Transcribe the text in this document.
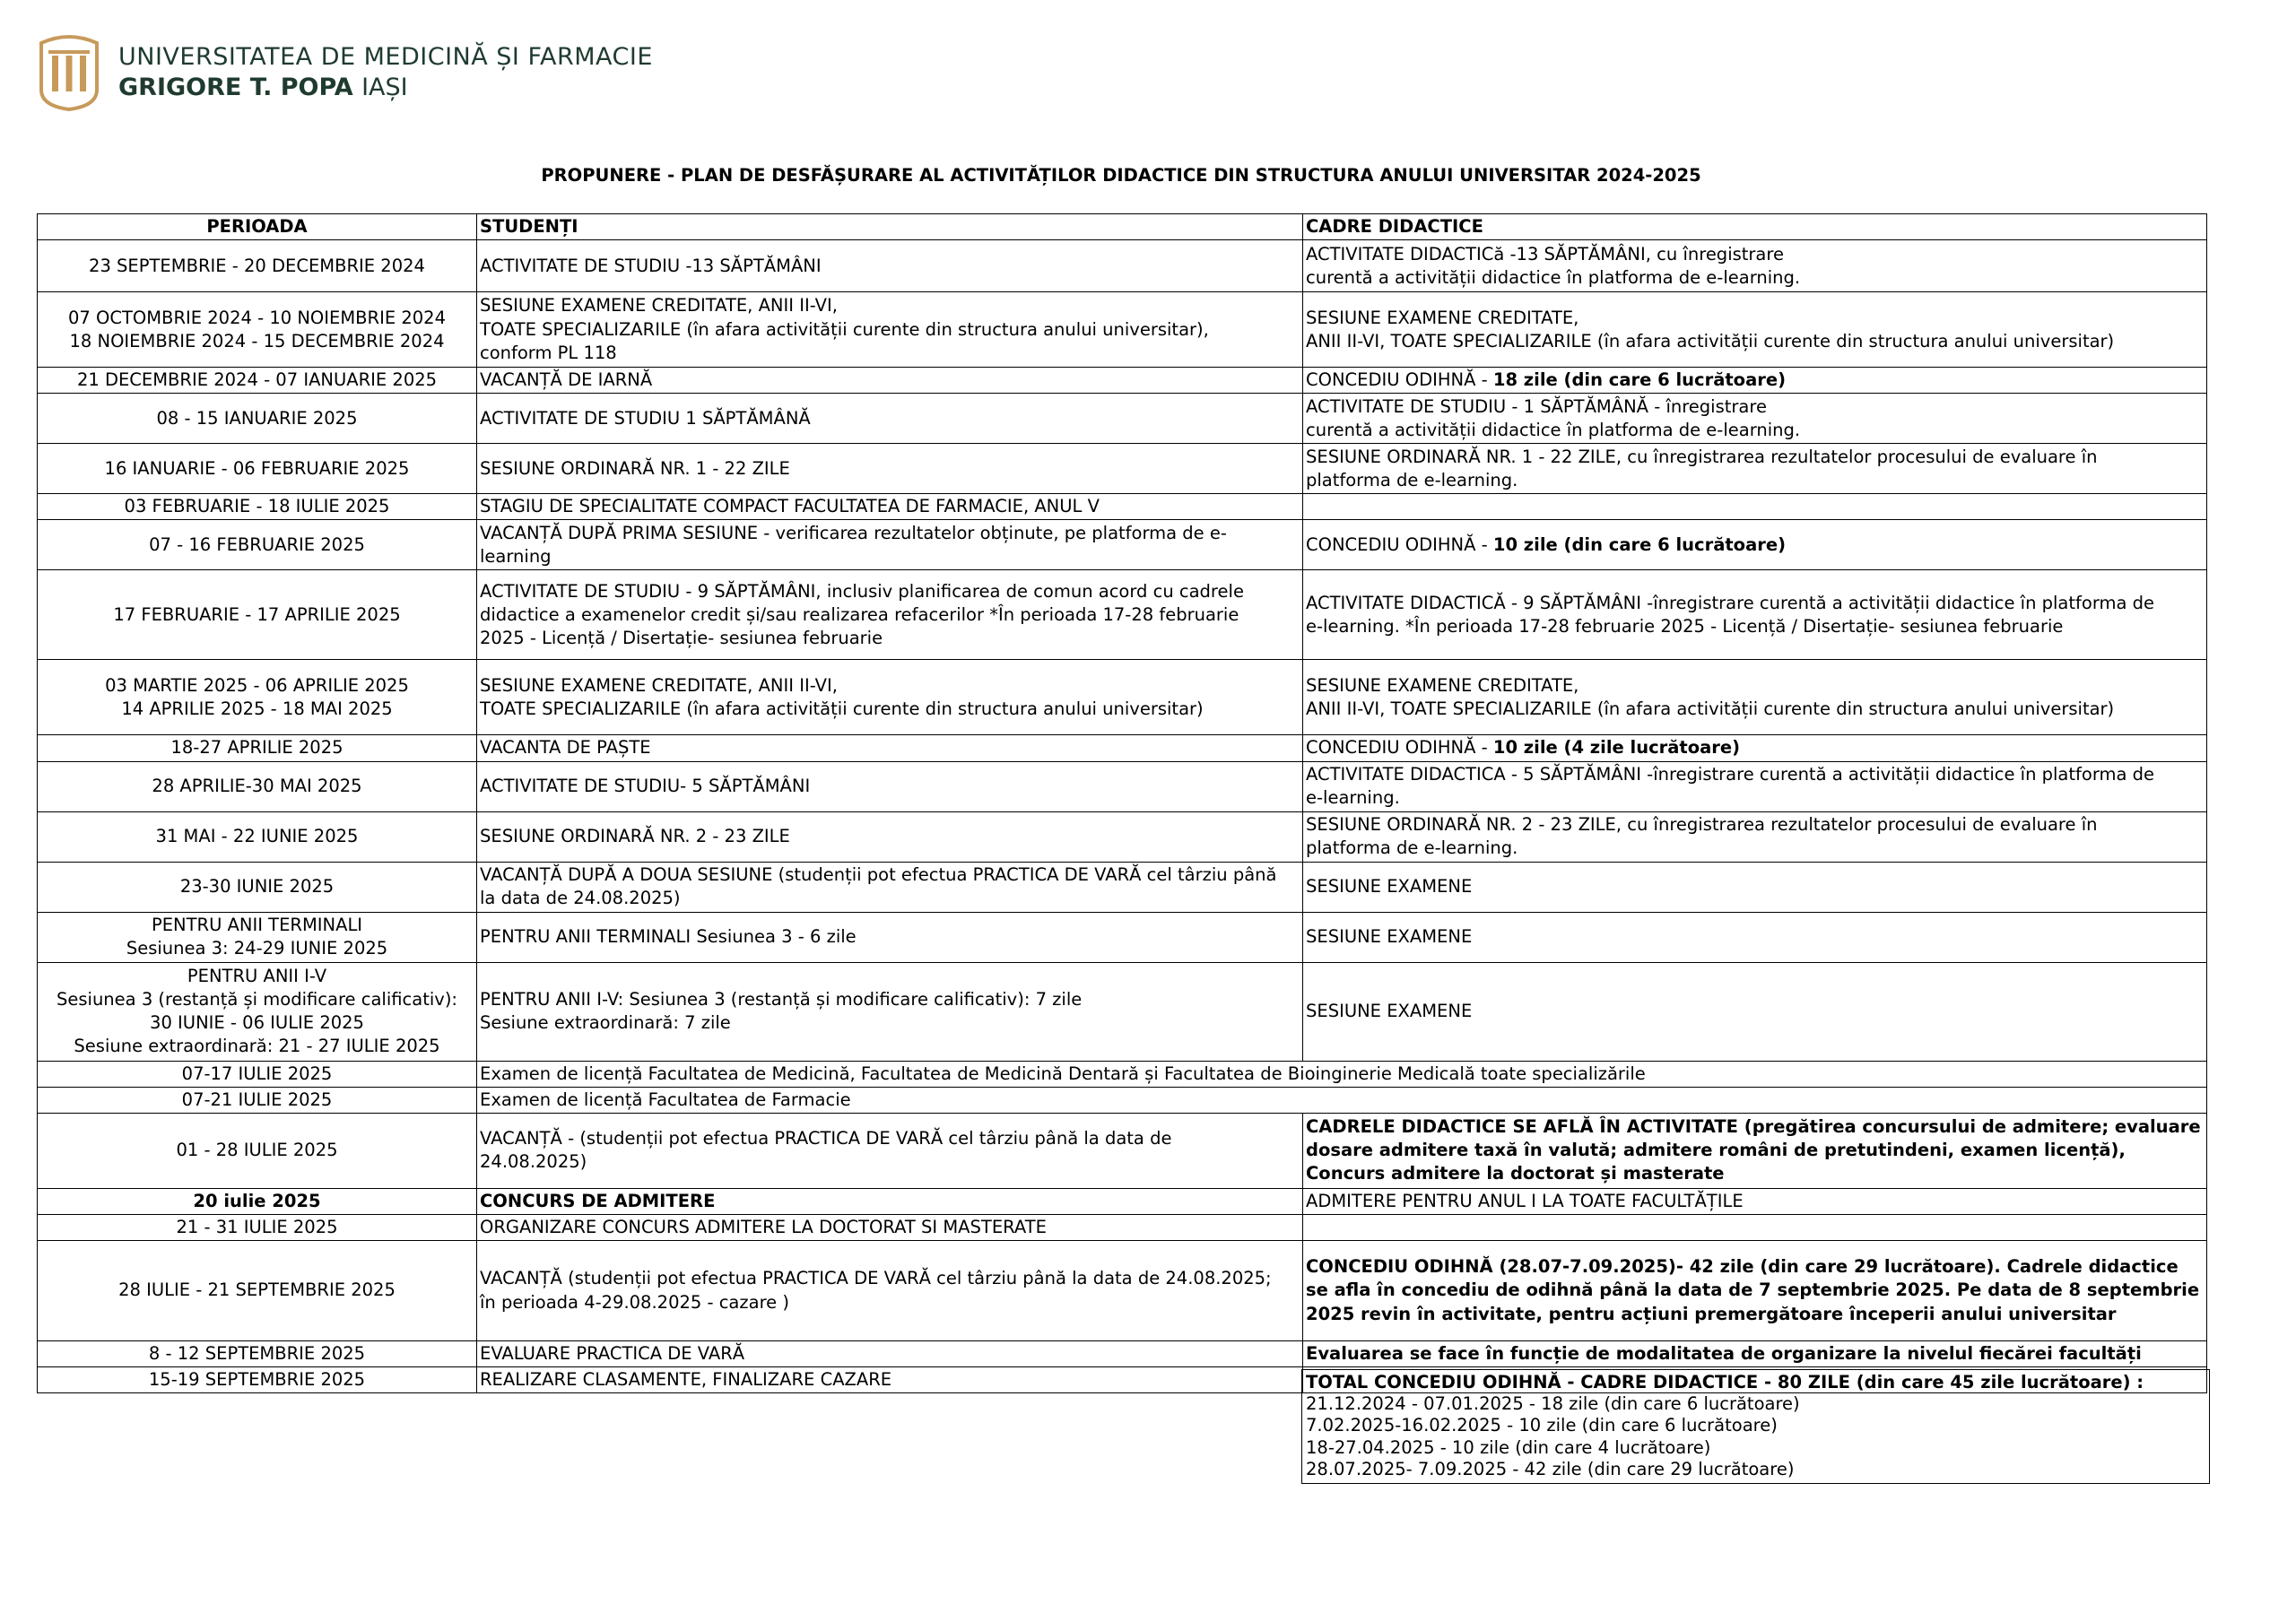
UNIVERSITATEA DE MEDICINĂ ȘI FARMACIE
GRIGORE T. POPA IAȘI
PROPUNERE - PLAN DE DESFĂȘURARE AL ACTIVITĂȚILOR DIDACTICE DIN STRUCTURA ANULUI UNIVERSITAR 2024-2025
PERIOADA	STUDENȚI	CADRE DIDACTICE

23 SEPTEMBRIE - 20 DECEMBRIE 2024	ACTIVITATE DE STUDIU -13 SĂPTĂMÂNI	ACTIVITATE DIDACTICă -13 SĂPTĂMÂNI, cu înregistrare
curentă a activității didactice în platforma de e-learning.

07 OCTOMBRIE 2024 - 10 NOIEMBRIE 2024
18 NOIEMBRIE 2024 - 15 DECEMBRIE 2024	SESIUNE EXAMENE CREDITATE, ANII II-VI,
TOATE SPECIALIZARILE (în afara activității curente din structura anului universitar),
conform PL 118	SESIUNE EXAMENE CREDITATE,
ANII II-VI, TOATE SPECIALIZARILE (în afara activității curente din structura anului universitar)

21 DECEMBRIE 2024 - 07 IANUARIE 2025	VACANȚĂ DE IARNĂ	CONCEDIU ODIHNĂ - 18 zile (din care 6 lucrătoare)

08 - 15 IANUARIE 2025	ACTIVITATE DE STUDIU 1 SĂPTĂMÂNĂ	ACTIVITATE DE STUDIU - 1 SĂPTĂMÂNĂ - înregistrare
curentă a activității didactice în platforma de e-learning.

16 IANUARIE - 06 FEBRUARIE 2025	SESIUNE ORDINARĂ NR. 1 - 22 ZILE	SESIUNE ORDINARĂ NR. 1 - 22 ZILE, cu înregistrarea rezultatelor procesului de evaluare în
platforma de e-learning.

03 FEBRUARIE - 18 IULIE 2025	STAGIU DE SPECIALITATE COMPACT FACULTATEA DE FARMACIE, ANUL V	

07 - 16 FEBRUARIE 2025	VACANȚĂ DUPĂ PRIMA SESIUNE - verificarea rezultatelor obținute, pe platforma de e-
learning	CONCEDIU ODIHNĂ - 10 zile (din care 6 lucrătoare)

17 FEBRUARIE - 17 APRILIE 2025	ACTIVITATE DE STUDIU - 9 SĂPTĂMÂNI, inclusiv planificarea de comun acord cu cadrele
didactice a examenelor credit și/sau realizarea refacerilor *În perioada 17-28 februarie
2025 - Licență / Disertație- sesiunea februarie	ACTIVITATE DIDACTICĂ - 9 SĂPTĂMÂNI -înregistrare curentă a activității didactice în platforma de
e-learning. *În perioada 17-28 februarie 2025 - Licență / Disertație- sesiunea februarie

03 MARTIE 2025 - 06 APRILIE 2025
14 APRILIE 2025 - 18 MAI 2025	SESIUNE EXAMENE CREDITATE, ANII II-VI,
TOATE SPECIALIZARILE (în afara activității curente din structura anului universitar)	SESIUNE EXAMENE CREDITATE,
ANII II-VI, TOATE SPECIALIZARILE (în afara activității curente din structura anului universitar)

18-27 APRILIE 2025	VACANTA DE PAȘTE	CONCEDIU ODIHNĂ - 10 zile (4 zile lucrătoare)

28 APRILIE-30 MAI 2025	ACTIVITATE DE STUDIU- 5 SĂPTĂMÂNI	ACTIVITATE DIDACTICA - 5 SĂPTĂMÂNI -înregistrare curentă a activității didactice în platforma de
e-learning.

31 MAI - 22 IUNIE 2025	SESIUNE ORDINARĂ NR. 2 - 23 ZILE	SESIUNE ORDINARĂ NR. 2 - 23 ZILE, cu înregistrarea rezultatelor procesului de evaluare în
platforma de e-learning.

23-30 IUNIE 2025	VACANȚĂ DUPĂ A DOUA SESIUNE (studenții pot efectua PRACTICA DE VARĂ cel târziu până
la data de 24.08.2025)	SESIUNE EXAMENE

PENTRU ANII TERMINALI
Sesiunea 3: 24-29 IUNIE 2025	PENTRU ANII TERMINALI Sesiunea 3 - 6 zile	SESIUNE EXAMENE

PENTRU ANII I-V
Sesiunea 3 (restanță și modificare calificativ):
30 IUNIE - 06 IULIE 2025
Sesiune extraordinară: 21 - 27 IULIE 2025	PENTRU ANII I-V: Sesiunea 3 (restanță și modificare calificativ): 7 zile
Sesiune extraordinară: 7 zile	SESIUNE EXAMENE

07-17 IULIE 2025	Examen de licență Facultatea de Medicină, Facultatea de Medicină Dentară și Facultatea de Bioinginerie Medicală toate specializările	

07-21 IULIE 2025	Examen de licență Facultatea de Farmacie	

01 - 28 IULIE 2025	VACANȚĂ - (studenții pot efectua PRACTICA DE VARĂ cel târziu până la data de
24.08.2025)	CADRELE DIDACTICE SE AFLĂ ÎN ACTIVITATE (pregătirea concursului de admitere; evaluare dosare admitere taxă în valută; admitere români de pretutindeni, examen licență), Concurs admitere la doctorat și masterate

20 iulie 2025	CONCURS DE ADMITERE	ADMITERE PENTRU ANUL I LA TOATE FACULTĂȚILE

21 - 31 IULIE 2025	ORGANIZARE CONCURS ADMITERE LA DOCTORAT SI MASTERATE	

28 IULIE - 21 SEPTEMBRIE 2025	VACANȚĂ (studenții pot efectua PRACTICA DE VARĂ cel târziu până la data de 24.08.2025;
în perioada 4-29.08.2025 - cazare )	CONCEDIU ODIHNĂ (28.07-7.09.2025)- 42 zile (din care 29 lucrătoare). Cadrele didactice se afla în concediu de odihnă până la data de 7 septembrie 2025. Pe data de 8 septembrie 2025 revin în activitate, pentru acțiuni premergătoare începerii anului universitar

8 - 12 SEPTEMBRIE 2025	EVALUARE PRACTICA DE VARĂ	Evaluarea se face în funcție de modalitatea de organizare la nivelul fiecărei facultăți

15-19 SEPTEMBRIE 2025	REALIZARE CLASAMENTE, FINALIZARE CAZARE	

	TOTAL CONCEDIU ODIHNĂ - CADRE DIDACTICE - 80 ZILE (din care 45 zile lucrătoare) :
21.12.2024 - 07.01.2025 - 18 zile (din care 6 lucrătoare)
7.02.2025-16.02.2025 - 10 zile (din care 6 lucrătoare)
18-27.04.2025 - 10 zile (din care 4 lucrătoare)
28.07.2025- 7.09.2025 - 42 zile (din care 29 lucrătoare)
